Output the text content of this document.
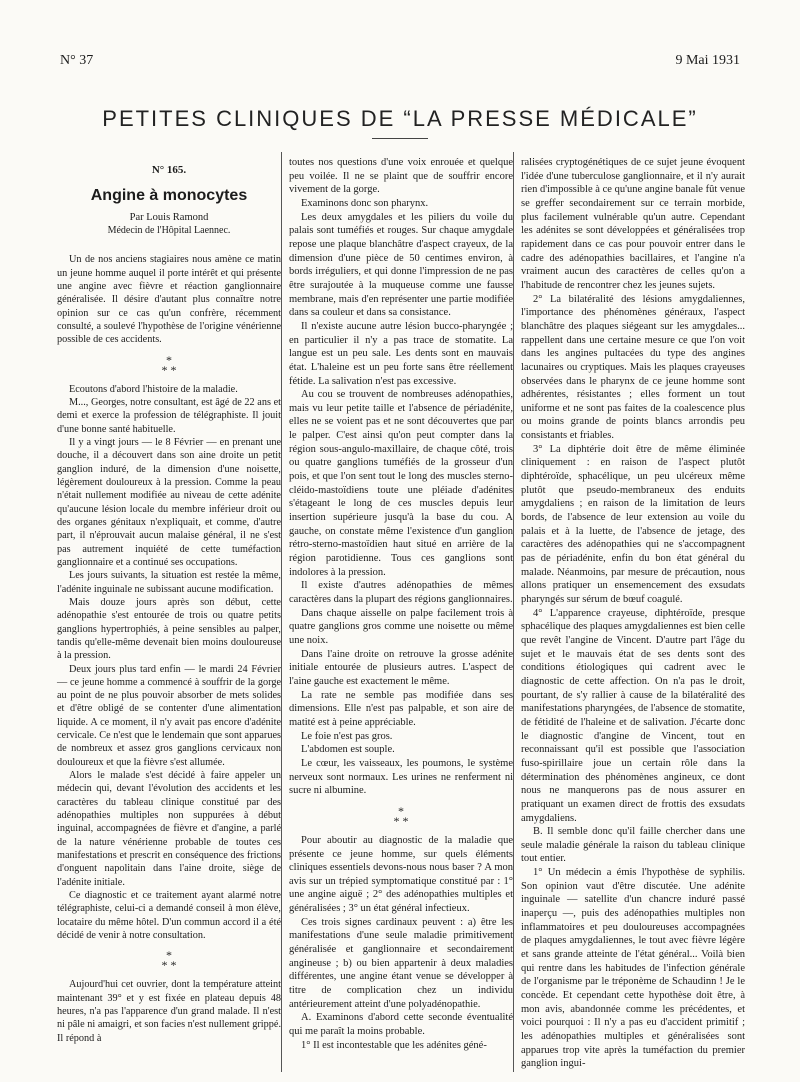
N° 37	9 Mai 1931
PETITES CLINIQUES DE “LA PRESSE MÉDICALE”
N° 165.
Angine à monocytes
Par Louis Ramond
Médecin de l'Hôpital Laennec.

Un de nos anciens stagiaires nous amène ce matin un jeune homme auquel il porte intérêt et qui présente une angine avec fièvre et réaction ganglionnaire généralisée. Il désire d'autant plus connaître notre opinion sur ce cas qu'un confrère, récemment consulté, a soulevé l'hypothèse de l'origine vénérienne possible de ces accidents.

*
* *

Ecoutons d'abord l'histoire de la maladie.

M..., Georges, notre consultant, est âgé de 22 ans et demi et exerce la profession de télégraphiste. Il jouit d'une bonne santé habituelle.

Il y a vingt jours — le 8 Février — en prenant une douche, il a découvert dans son aine droite un petit ganglion induré, de la dimension d'une noisette, légèrement douloureux à la pression. Comme la peau n'était nullement modifiée au niveau de cette adénite qu'aucune lésion locale du membre inférieur droit ou des organes génitaux n'expliquait, et comme, d'autre part, il n'éprouvait aucun malaise général, il ne s'est pas autrement inquiété de cette tuméfaction ganglionnaire et a continué ses occupations.

Les jours suivants, la situation est restée la même, l'adénite inguinale ne subissant aucune modification.

Mais douze jours après son début, cette adénopathie s'est entourée de trois ou quatre petits ganglions hypertrophiés, à peine sensibles au palper, tandis qu'elle-même devenait bien moins douloureuse à la pression.

Deux jours plus tard enfin — le mardi 24 Février — ce jeune homme a commencé à souffrir de la gorge au point de ne plus pouvoir absorber de mets solides et d'être obligé de se contenter d'une alimentation liquide. A ce moment, il n'y avait pas encore d'adénite cervicale. Ce n'est que le lendemain que sont apparues de nombreux et assez gros ganglions cervicaux non douloureux et que la fièvre s'est allumée.

Alors le malade s'est décidé à faire appeler un médecin qui, devant l'évolution des accidents et les caractères du tableau clinique constitué par des adénopathies multiples non suppurées à début inguinal, accompagnées de fièvre et d'angine, a parlé de la nature vénérienne probable de toutes ces manifestations et prescrit en conséquence des frictions d'onguent napolitain dans l'aine droite, siège de l'adénite initiale.

Ce diagnostic et ce traitement ayant alarmé notre télégraphiste, celui-ci a demandé conseil à mon élève, locataire du même hôtel. D'un commun accord il a été décidé de venir à notre consultation.

*
* *

Aujourd'hui cet ouvrier, dont la température atteint maintenant 39° et y est fixée en plateau depuis 48 heures, n'a pas l'apparence d'un grand malade. Il n'est ni pâle ni amaigri, et son facies n'est nullement grippé. Il répond à

toutes nos questions d'une voix enrouée et quelque peu voilée. Il ne se plaint que de souffrir encore vivement de la gorge.

Examinons donc son pharynx.

Les deux amygdales et les piliers du voile du palais sont tuméfiés et rouges. Sur chaque amygdale repose une plaque blanchâtre d'aspect crayeux, de la dimension d'une pièce de 50 centimes environ, à bords irréguliers, et qui donne l'impression de ne pas être surajoutée à la muqueuse comme une fausse membrane, mais d'en représenter une partie modifiée dans sa couleur et dans sa consistance.

Il n'existe aucune autre lésion bucco-pharyngée ; en particulier il n'y a pas trace de stomatite. La langue est un peu sale. Les dents sont en mauvais état. L'haleine est un peu forte sans être réellement fétide. La salivation n'est pas excessive.

Au cou se trouvent de nombreuses adénopathies, mais vu leur petite taille et l'absence de périadénite, elles ne se voient pas et ne sont découvertes que par le palper. C'est ainsi qu'on peut compter dans la région sous-angulo-maxillaire, de chaque côté, trois ou quatre ganglions tuméfiés de la grosseur d'un pois, et que l'on sent tout le long des muscles sterno-cléido-mastoïdiens toute une pléiade d'adénites s'étageant le long de ces muscles depuis leur insertion supérieure jusqu'à la base du cou. A gauche, on constate même l'existence d'un ganglion rétro-sterno-mastoïdien haut situé en arrière de la région parotidienne. Tous ces ganglions sont indolores à la pression.

Il existe d'autres adénopathies de mêmes caractères dans la plupart des régions ganglionnaires.

Dans chaque aisselle on palpe facilement trois à quatre ganglions gros comme une noisette ou même une noix.

Dans l'aine droite on retrouve la grosse adénite initiale entourée de plusieurs autres. L'aspect de l'aine gauche est exactement le même.

La rate ne semble pas modifiée dans ses dimensions. Elle n'est pas palpable, et son aire de matité est à peine appréciable.

Le foie n'est pas gros.

L'abdomen est souple.

Le cœur, les vaisseaux, les poumons, le système nerveux sont normaux. Les urines ne renferment ni sucre ni albumine.

*
* *

Pour aboutir au diagnostic de la maladie que présente ce jeune homme, sur quels éléments cliniques essentiels devons-nous nous baser ? A mon avis sur un trépied symptomatique constitué par : 1° une angine aiguë ; 2° des adénopathies multiples et généralisées ; 3° un état général infectieux.

Ces trois signes cardinaux peuvent : a) être les manifestations d'une seule maladie primitivement généralisée et ganglionnaire et secondairement angineuse ; b) ou bien appartenir à deux maladies différentes, une angine étant venue se développer à titre de complication chez un individu antérieurement atteint d'une polyadénopathie.

A. Examinons d'abord cette seconde éventualité qui me paraît la moins probable.

1° Il est incontestable que les adénites géné-

ralisées cryptogénétiques de ce sujet jeune évoquent l'idée d'une tuberculose ganglionnaire, et il n'y aurait rien d'impossible à ce qu'une angine banale fût venue se greffer secondairement sur ce terrain morbide, plus facilement vulnérable qu'un autre. Cependant les adénites se sont développées et généralisées trop rapidement dans ce cas pour pouvoir entrer dans le cadre des adénopathies bacillaires, et l'angine n'a vraiment aucun des caractères de celles qu'on a l'habitude de rencontrer chez les jeunes sujets.

2° La bilatéralité des lésions amygdaliennes, l'importance des phénomènes généraux, l'aspect blanchâtre des plaques siégeant sur les amygdales... rappellent dans une certaine mesure ce que l'on voit dans les angines pultacées du type des angines lacunaires ou cryptiques. Mais les plaques crayeuses observées dans le pharynx de ce jeune homme sont adhérentes, résistantes ; elles forment un tout uniforme et ne sont pas faites de la coalescence plus ou moins grande de points blancs arrondis peu consistants et friables.

3° La diphtérie doit être de même éliminée cliniquement : en raison de l'aspect plutôt diphtéroïde, sphacélique, un peu ulcéreux même plutôt que pseudo-membraneux des enduits amygdaliens ; en raison de la limitation de leurs bords, de l'absence de leur extension au voile du palais et à la luette, de l'absence de jetage, des caractères des adénopathies qui ne s'accompagnent pas de périadénite, enfin du bon état général du malade. Néanmoins, par mesure de précaution, nous allons pratiquer un ensemencement des exsudats pharyngés sur sérum de bœuf coagulé.

4° L'apparence crayeuse, diphtéroïde, presque sphacélique des plaques amygdaliennes est bien celle que revêt l'angine de Vincent. D'autre part l'âge du sujet et le mauvais état de ses dents sont des conditions étiologiques qui cadrent avec le diagnostic de cette affection. On n'a pas le droit, pourtant, de s'y rallier à cause de la bilatéralité des manifestations pharyngées, de l'absence de stomatite, de fétidité de l'haleine et de salivation. J'écarte donc le diagnostic d'angine de Vincent, tout en reconnaissant qu'il est possible que l'association fuso-spirillaire joue un certain rôle dans la détermination des phénomènes angineux, ce dont nous ne manquerons pas de nous assurer en pratiquant un examen direct de frottis des exsudats amygdaliens.

B. Il semble donc qu'il faille chercher dans une seule maladie générale la raison du tableau clinique tout entier.

1° Un médecin a émis l'hypothèse de syphilis. Son opinion vaut d'être discutée. Une adénite inguinale — satellite d'un chancre induré passé inaperçu —, puis des adénopathies multiples non inflammatoires et peu douloureuses accompagnées de plaques amygdaliennes, le tout avec fièvre légère et sans grande atteinte de l'état général... Voilà bien qui rentre dans les habitudes de l'infection générale de l'organisme par le tréponème de Schaudinn ! Je le concède. Et cependant cette hypothèse doit être, à mon avis, abandonnée comme les précédentes, et voici pourquoi : Il n'y a pas eu d'accident primitif ; les adénopathies multiples et généralisées sont apparues trop vite après la tuméfaction du premier ganglion ingui-
